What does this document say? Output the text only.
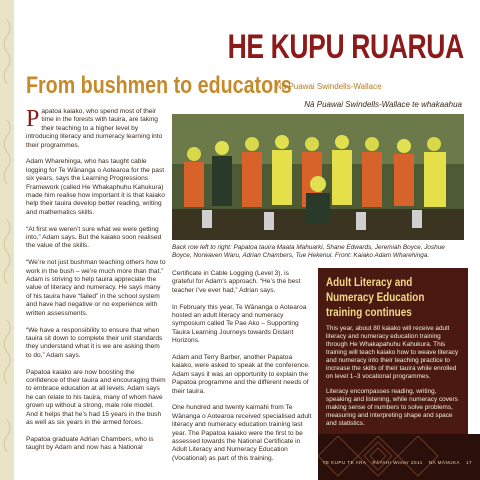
HE KUPU RUARUA
From bushmen to educators
Nā Puawai Swindells-Wallace
Nā Puawai Swindells-Wallace te whakaahua

Papatoa kaiako, who spend most of their time in the forests with tauira, are taking their teaching to a higher level by introducing literacy and numeracy learning into their programmes.

Adam Wharehinga, who has taught cable logging for Te Wānanga o Aotearoa for the past six years, says the Learning Progressions Framework (called He Whakaphuhu Kahukura) made him realise how important it is that kaiako help their tauira develop better reading, writing and mathematics skills.

“At first we weren’t sure what we were getting into,” Adam says. But the kaiako soon realised the value of the skills.

“We’re not just bushman teaching others how to work in the bush – we’re much more than that.” Adam is striving to help tauira appreciate the value of literacy and numeracy. He says many of his tauira have “failed” in the school system and have had negative or no experience with written assessments.

“We have a responsibility to ensure that when tauira sit down to complete their unit standards they understand what it is we are asking them to do,” Adam says.

Papatoa kaiako are now boosting the confidence of their tauira and encouraging them to embrace education at all levels. Adam says he can relate to his tauira, many of whom have grown up without a strong, male role model. And it helps that he’s had 15 years in the bush as well as six years in the armed forces.

Papatoa graduate Adrian Chambers, who is taught by Adam and now has a National

Back row left to right: Papatoa tauira Maata Mahuarki, Shane Edwards, Jeremiah Boyce, Joshue Boyce, Norwaven Waru, Adrian Chambers, Tue Hekenui. Front: Kaiako Adam Wharehinga.

Certificate in Cable Logging (Level 3), is grateful for Adam’s approach. “He’s the best teacher I’ve ever had,” Adrian says.

In February this year, Te Wānanga o Aotearoa hosted an adult literacy and numeracy symposium called Te Pae Ako – Supporting Tauira Learning Journeys towards Distant Horizons.

Adam and Terry Barber, another Papatoa kaiako, were asked to speak at the conference. Adam says it was an opportunity to explain the Papatoa programme and the different needs of their tauira.

One hundred and twenty kaimahi from Te Wānanga o Aotearoa received specialised adult literacy and numeracy education training last year. The Papatoa kaiako were the first to be assessed towards the National Certificate in Adult Literacy and Numeracy Education (Vocational) as part of this training.

Adult Literacy and Numeracy Education training continues

This year, about 80 kaiako will receive adult literacy and numeracy education training through He Whakapahuhu Kahukura. This training will teach kaiako how to weave literacy and numeracy into their teaching practice to increase the skills of their tauira while enrolled on level 1–3 vocational programmes.

Literacy encompasses reading, writing, speaking and listening, while numeracy covers making sense of numbers to solve problems, measuring and interpreting shape and space and statistics.

TE KUPU TE ARA RĀTAHI Winter 2011 NĀ MĀNUKA 17
